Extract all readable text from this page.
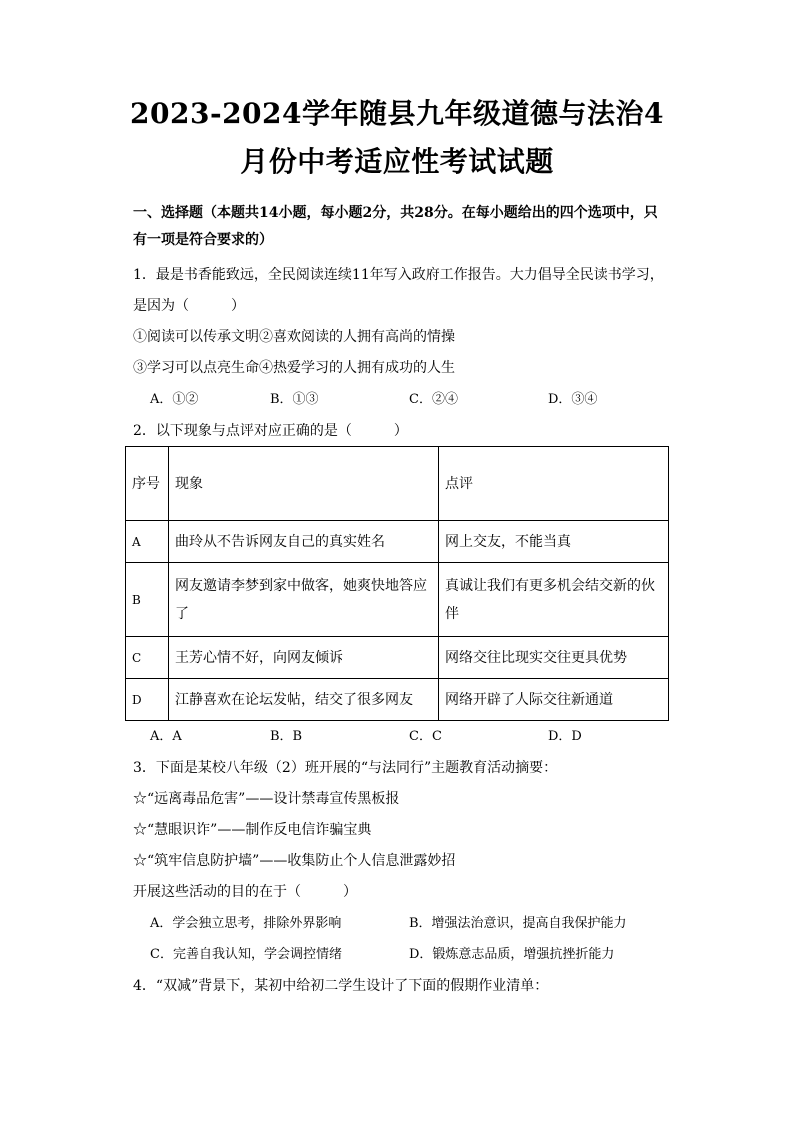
2023-2024学年随县九年级道德与法治4
月份中考适应性考试试题
一、选择题（本题共14小题，每小题2分，共28分。在每小题给出的四个选项中，只
有一项是符合要求的）
1．最是书香能致远，全民阅读连续11年写入政府工作报告。大力倡导全民读书学习，
是因为（　　　）
①阅读可以传承文明②喜欢阅读的人拥有高尚的情操
③学习可以点亮生命④热爱学习的人拥有成功的人生
A．①②	B．①③	C．②④	D．③④
2．以下现象与点评对应正确的是（　　　）
序号	现象	点评
A	曲玲从不告诉网友自己的真实姓名	网上交友，不能当真
B	网友邀请李梦到家中做客，她爽快地答应了	真诚让我们有更多机会结交新的伙伴
C	王芳心情不好，向网友倾诉	网络交往比现实交往更具优势
D	江静喜欢在论坛发帖，结交了很多网友	网络开辟了人际交往新通道
A．A	B．B	C．C	D．D
3．下面是某校八年级（2）班开展的“与法同行”主题教育活动摘要：
☆“远离毒品危害”——设计禁毒宣传黑板报
☆“慧眼识诈”——制作反电信诈骗宝典
☆“筑牢信息防护墙”——收集防止个人信息泄露妙招
开展这些活动的目的在于（　　　）
A．学会独立思考，排除外界影响	B．增强法治意识，提高自我保护能力
C．完善自我认知，学会调控情绪	D．锻炼意志品质，增强抗挫折能力
4．“双减”背景下，某初中给初二学生设计了下面的假期作业清单：
